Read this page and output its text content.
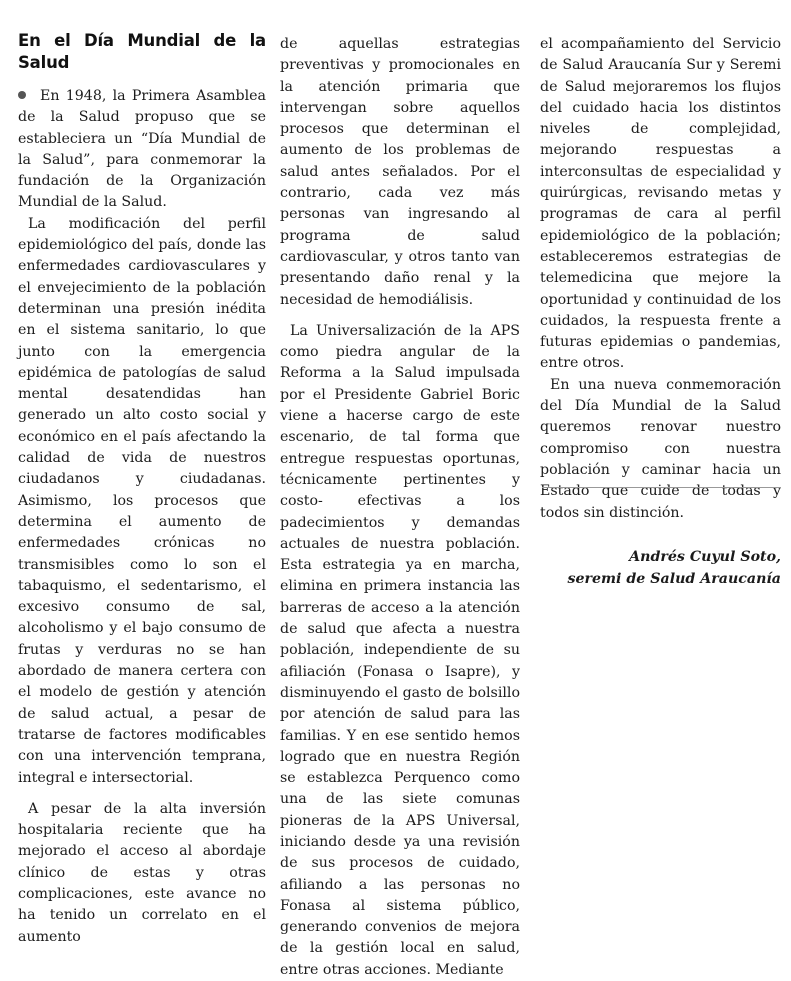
En el Día Mundial de la Salud

En 1948, la Primera Asamblea de la Salud propuso que se estableciera un “Día Mundial de la Salud”, para conmemorar la fundación de la Organización Mundial de la Salud.

La modificación del perfil epidemiológico del país, donde las enfermedades cardiovasculares y el envejecimiento de la población determinan una presión inédita en el sistema sanitario, lo que junto con la emergencia epidémica de patologías de salud mental desatendidas han generado un alto costo social y económico en el país afectando la calidad de vida de nuestros ciudadanos y ciudadanas. Asimismo, los procesos que determina el aumento de enfermedades crónicas no transmisibles como lo son el tabaquismo, el sedentarismo, el excesivo consumo de sal, alcoholismo y el bajo consumo de frutas y verduras no se han abordado de manera certera con el modelo de gestión y atención de salud actual, a pesar de tratarse de factores modificables con una intervención temprana, integral e intersectorial.

A pesar de la alta inversión hospitalaria reciente que ha mejorado el acceso al abordaje clínico de estas y otras complicaciones, este avance no ha tenido un correlato en el aumento

de aquellas estrategias preventivas y promocionales en la atención primaria que intervengan sobre aquellos procesos que determinan el aumento de los problemas de salud antes señalados. Por el contrario, cada vez más personas van ingresando al programa de salud cardiovascular, y otros tanto van presentando daño renal y la necesidad de hemodiálisis.

La Universalización de la APS como piedra angular de la Reforma a la Salud impulsada por el Presidente Gabriel Boric viene a hacerse cargo de este escenario, de tal forma que entregue respuestas oportunas, técnicamente pertinentes y costo- efectivas a los padecimientos y demandas actuales de nuestra población. Esta estrategia ya en marcha, elimina en primera instancia las barreras de acceso a la atención de salud que afecta a nuestra población, independiente de su afiliación (Fonasa o Isapre), y disminuyendo el gasto de bolsillo por atención de salud para las familias. Y en ese sentido hemos logrado que en nuestra Región se establezca Perquenco como una de las siete comunas pioneras de la APS Universal, iniciando desde ya una revisión de sus procesos de cuidado, afiliando a las personas no Fonasa al sistema público, generando convenios de mejora de la gestión local en salud, entre otras acciones. Mediante

el acompañamiento del Servicio de Salud Araucanía Sur y Seremi de Salud mejoraremos los flujos del cuidado hacia los distintos niveles de complejidad, mejorando respuestas a interconsultas de especialidad y quirúrgicas, revisando metas y programas de cara al perfil epidemiológico de la población; estableceremos estrategias de telemedicina que mejore la oportunidad y continuidad de los cuidados, la respuesta frente a futuras epidemias o pandemias, entre otros.

En una nueva conmemoración del Día Mundial de la Salud queremos renovar nuestro compromiso con nuestra población y caminar hacia un Estado que cuide de todas y todos sin distinción.

Andrés Cuyul Soto,
seremi de Salud Araucanía
